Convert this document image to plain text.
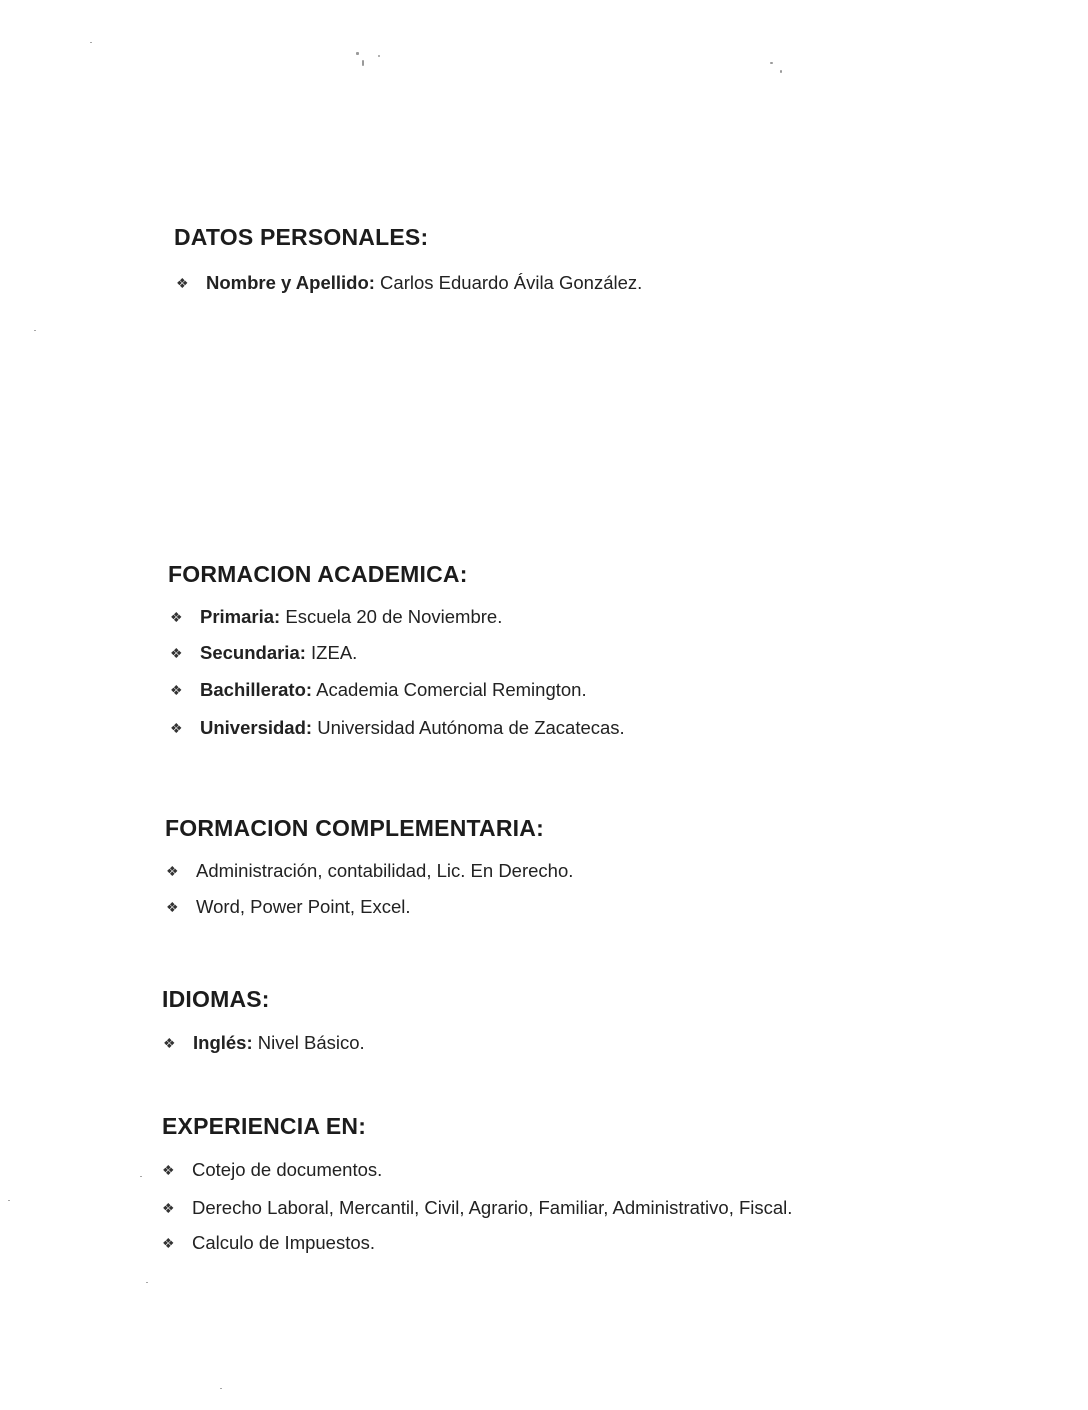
DATOS PERSONALES:
❖ Nombre y Apellido: Carlos Eduardo Ávila González.
FORMACION ACADEMICA:
❖ Primaria: Escuela 20 de Noviembre.
❖ Secundaria: IZEA.
❖ Bachillerato: Academia Comercial Remington.
❖ Universidad: Universidad Autónoma de Zacatecas.
FORMACION COMPLEMENTARIA:
❖ Administración, contabilidad, Lic. En Derecho.
❖ Word, Power Point, Excel.
IDIOMAS:
❖ Inglés: Nivel Básico.
EXPERIENCIA EN:
❖ Cotejo de documentos.
❖ Derecho Laboral, Mercantil, Civil, Agrario, Familiar, Administrativo, Fiscal.
❖ Calculo de Impuestos.
